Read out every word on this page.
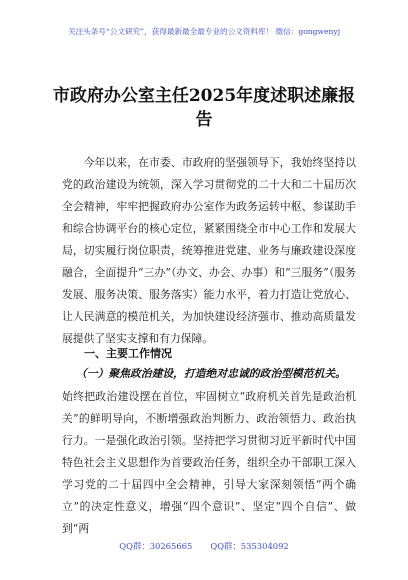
关注头条号“公文研究”，获得最新最全最专业的公文资料库！ 微信：gongwenyj
市政府办公室主任2025年度述职述廉报告
今年以来，在市委、市政府的坚强领导下，我始终坚持以党的政治建设为统领，深入学习贯彻党的二十大和二十届历次全会精神，牢牢把握政府办公室作为政务运转中枢、参谋助手和综合协调平台的核心定位，紧紧围绕全市中心工作和发展大局，切实履行岗位职责，统筹推进党建、业务与廉政建设深度融合，全面提升“三办”（办文、办会、办事）和“三服务”（服务发展、服务决策、服务落实）能力水平，着力打造让党放心、让人民满意的模范机关，为加快建设经济强市、推动高质量发展提供了坚实支撑和有力保障。
一、主要工作情况
（一）聚焦政治建设，打造绝对忠诚的政治型模范机关。
始终把政治建设摆在首位，牢固树立“政府机关首先是政治机关”的鲜明导向，不断增强政治判断力、政治领悟力、政治执行力。一是强化政治引领。坚持把学习贯彻习近平新时代中国特色社会主义思想作为首要政治任务，组织全办干部职工深入学习党的二十届四中全会精神，引导大家深刻领悟“两个确立”的决定性意义，增强“四个意识”、坚定“四个自信”、做到“两
QQ群：30265665 QQ群：535304092
